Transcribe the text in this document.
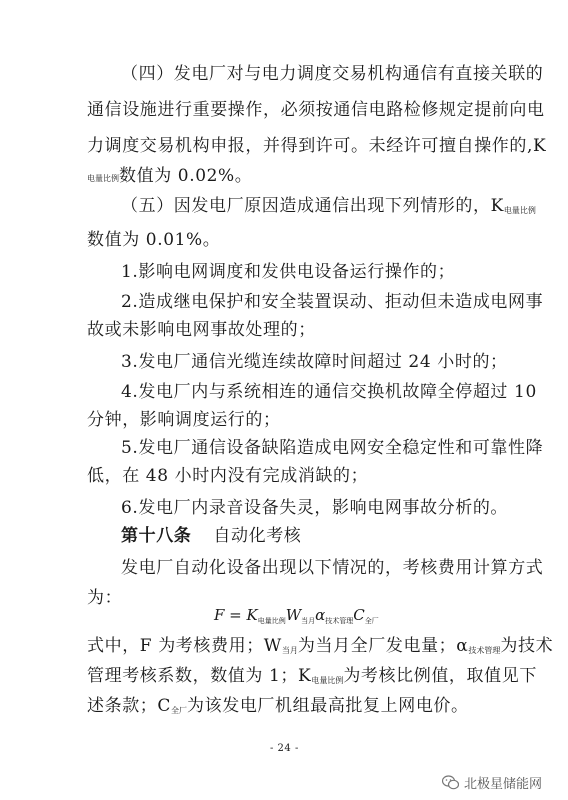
（四）发电厂对与电力调度交易机构通信有直接关联的
通信设施进行重要操作，必须按通信电路检修规定提前向电
力调度交易机构申报，并得到许可。未经许可擅自操作的,K
电量比例数值为 0.02%。
（五）因发电厂原因造成通信出现下列情形的，$K_{电量比例}$
数值为 0.01%。
1.影响电网调度和发供电设备运行操作的；
2.造成继电保护和安全装置误动、拒动但未造成电网事
故或未影响电网事故处理的；
3.发电厂通信光缆连续故障时间超过 24 小时的；
4.发电厂内与系统相连的通信交换机故障全停超过 10
分钟，影响调度运行的；
5.发电厂通信设备缺陷造成电网安全稳定性和可靠性降
低，在 48 小时内没有完成消缺的；
6.发电厂内录音设备失灵，影响电网事故分析的。
第十八条 自动化考核
发电厂自动化设备出现以下情况的，考核费用计算方式
为：
$F = K_{电量比例}W_{当月}\alpha_{技术管理}C_{全厂}$
式中，F 为考核费用；$W_{当月}$为当月全厂发电量；$\alpha_{技术管理}$为技术
管理考核系数，数值为 1；$K_{电量比例}$为考核比例值，取值见下
述条款；$C_{全厂}$为该发电厂机组最高批复上网电价。
- 24 -
北极星储能网
